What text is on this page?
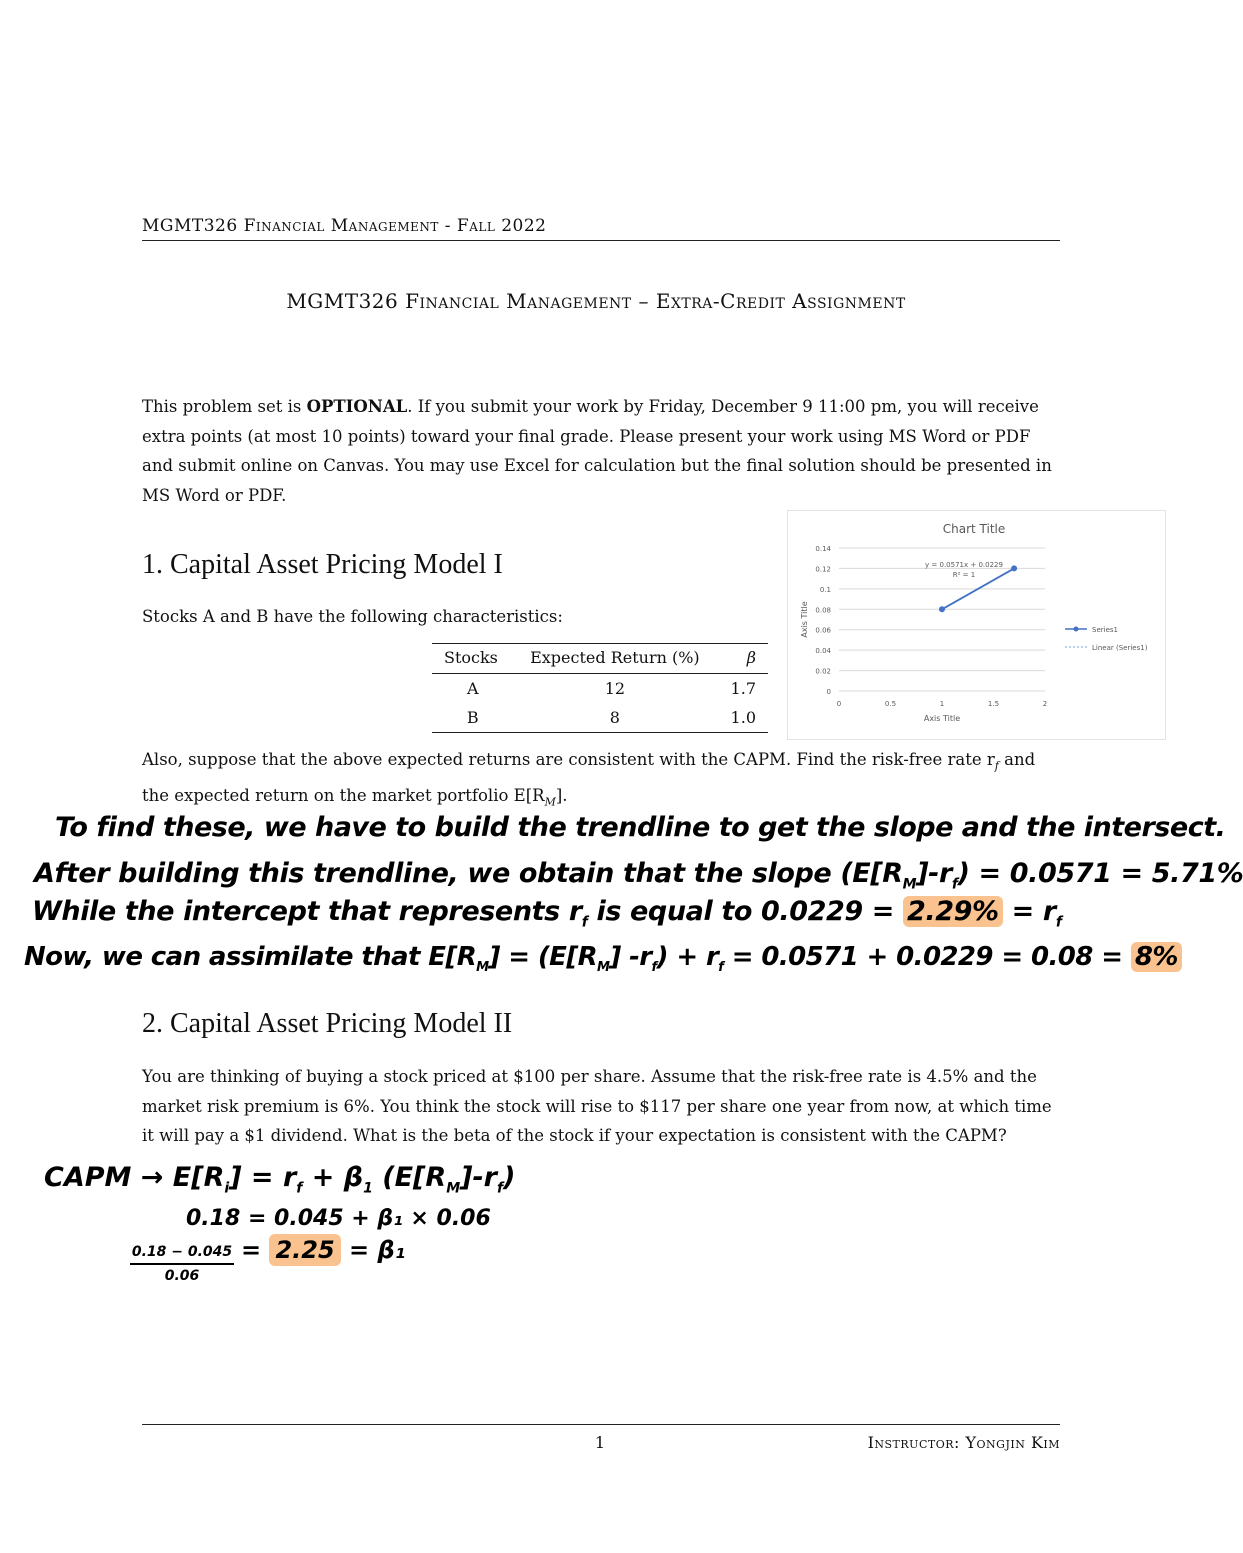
MGMT326 Financial Management - Fall 2022
MGMT326 Financial Management – Extra-Credit Assignment
This problem set is OPTIONAL. If you submit your work by Friday, December 9 11:00 pm, you will receive extra points (at most 10 points) toward your final grade. Please present your work using MS Word or PDF and submit online on Canvas. You may use Excel for calculation but the final solution should be presented in MS Word or PDF.
1. Capital Asset Pricing Model I
Stocks A and B have the following characteristics:
Stocks	Expected Return (%)	β
A	12	1.7
B	8	1.0
Chart Title
0
0.02
0.04
0.06
0.08
0.1
0.12
0.14
0	0.5	1	1.5	2
Axis Title
Axis Title
y = 0.0571x + 0.0229
R² = 1
Series1
Linear (Series1)
Also, suppose that the above expected returns are consistent with the CAPM. Find the risk-free rate $r_f$ and the expected return on the market portfolio $E[R_M]$.
To find these, we have to build the trendline to get the slope and the intersect.
After building this trendline, we obtain that the slope $(E[R_M]-r_f) = 0.0571 = 5.71\%$
While the intercept that represents $r_f$ is equal to $0.0229 = 2.29\% = r_f$
Now, we can assimilate that $E[R_M] = (E[R_M] -r_f) + r_f = 0.0571 + 0.0229 = 0.08 = 8\%$
2. Capital Asset Pricing Model II
You are thinking of buying a stock priced at $100 per share. Assume that the risk-free rate is 4.5% and the market risk premium is 6%. You think the stock will rise to $117 per share one year from now, at which time it will pay a $1 dividend. What is the beta of the stock if your expectation is consistent with the CAPM?
CAPM → $E[R_i] = r_f + \beta_1$ $(E[R_M]-r_f)$
0.18 = 0.045 + β₁ × 0.06
$\frac{0.18 - 0.045}{0.06} = 2.25 = \beta_1$
1	Instructor: Yongjin Kim
